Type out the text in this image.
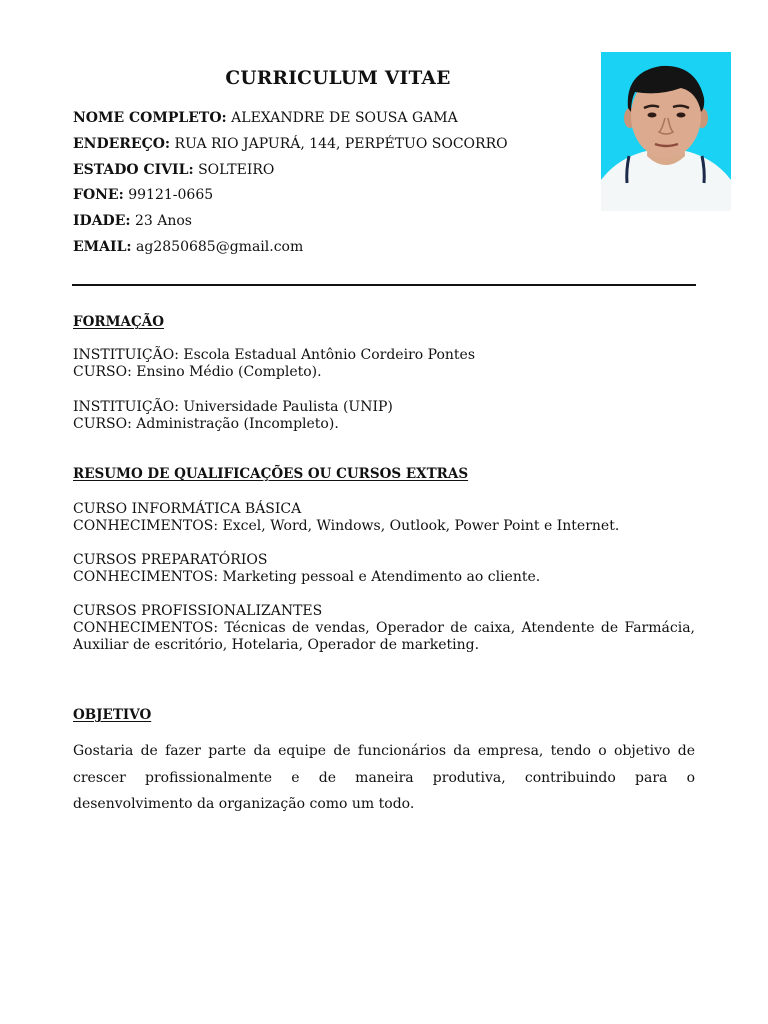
CURRICULUM VITAE
NOME COMPLETO: ALEXANDRE DE SOUSA GAMA
ENDEREÇO: RUA RIO JAPURÁ, 144, PERPÉTUO SOCORRO
ESTADO CIVIL: SOLTEIRO
FONE: 99121-0665
IDADE: 23 Anos
EMAIL: ag2850685@gmail.com
FORMAÇÃO
INSTITUIÇÃO: Escola Estadual Antônio Cordeiro Pontes
CURSO: Ensino Médio (Completo).
INSTITUIÇÃO: Universidade Paulista (UNIP)
CURSO: Administração (Incompleto).
RESUMO DE QUALIFICAÇÕES OU CURSOS EXTRAS
CURSO INFORMÁTICA BÁSICA
CONHECIMENTOS: Excel, Word, Windows, Outlook, Power Point e Internet.
CURSOS PREPARATÓRIOS
CONHECIMENTOS: Marketing pessoal e Atendimento ao cliente.
CURSOS PROFISSIONALIZANTES
CONHECIMENTOS: Técnicas de vendas, Operador de caixa, Atendente de Farmácia, Auxiliar de escritório, Hotelaria, Operador de marketing.
OBJETIVO
Gostaria de fazer parte da equipe de funcionários da empresa, tendo o objetivo de crescer profissionalmente e de maneira produtiva, contribuindo para o desenvolvimento da organização como um todo.
